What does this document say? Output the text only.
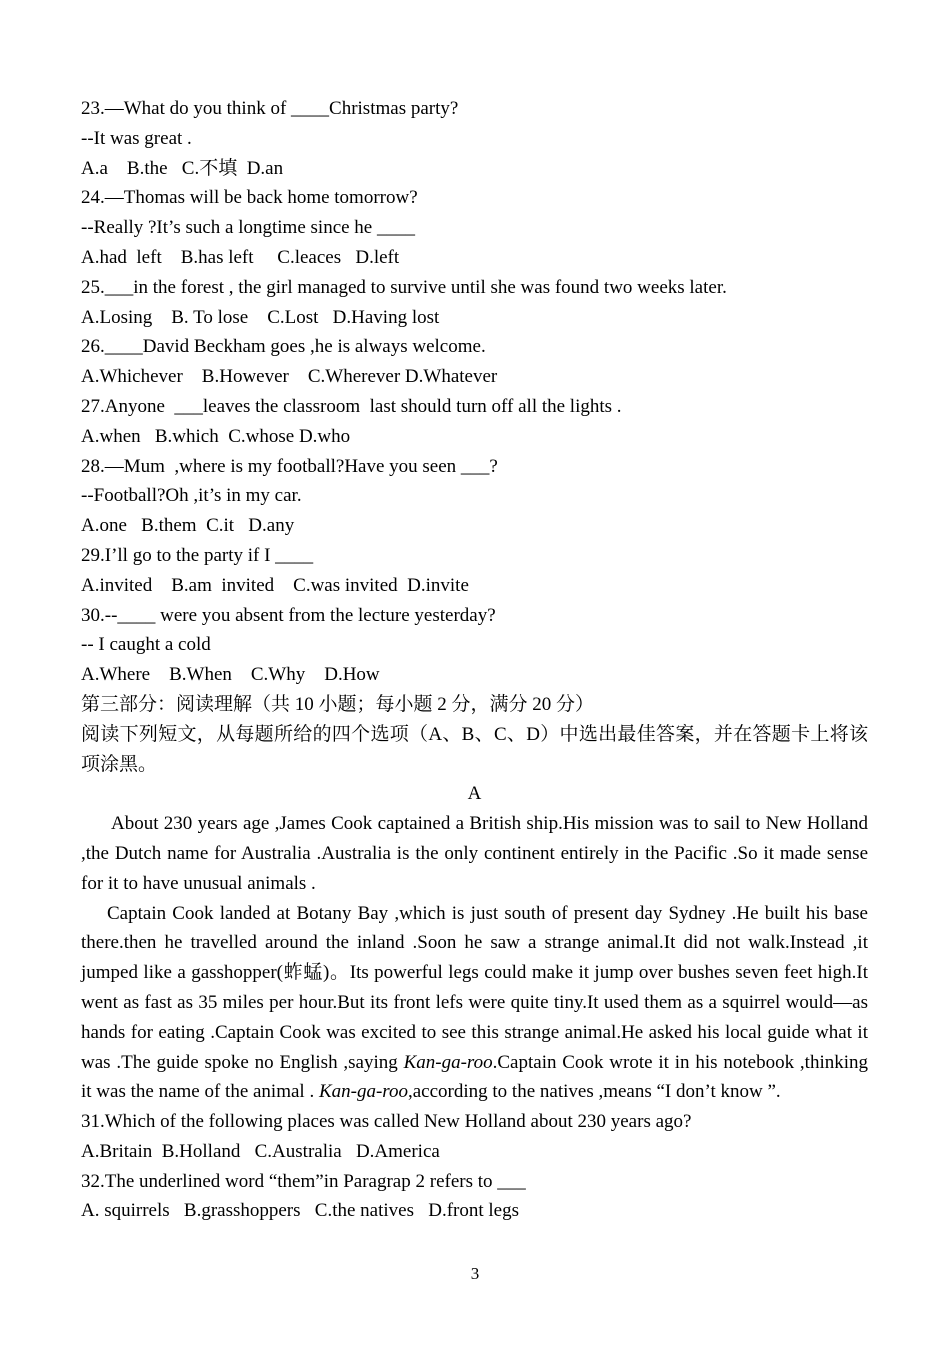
23.—What do you think of ____Christmas party?
--It was great .
A.a    B.the   C.不填  D.an
24.—Thomas will be back home tomorrow?
--Really ?It’s such a longtime since he ____
A.had  left    B.has left     C.leaces   D.left
25.___in the forest , the girl managed to survive until she was found two weeks later.
A.Losing    B. To lose    C.Lost   D.Having lost
26.____David Beckham goes ,he is always welcome.
A.Whichever    B.However    C.Wherever D.Whatever
27.Anyone  ___leaves the classroom  last should turn off all the lights .
A.when   B.which  C.whose D.who
28.—Mum  ,where is my football?Have you seen ___?
--Football?Oh ,it’s in my car.
A.one   B.them  C.it   D.any
29.I’ll go to the party if I ____
A.invited    B.am  invited    C.was invited  D.invite
30.--____ were you absent from the lecture yesterday?
-- I caught a cold
A.Where    B.When    C.Why    D.How
第三部分：阅读理解（共 10 小题；每小题 2 分，满分 20 分）
阅读下列短文，从每题所给的四个选项（A、B、C、D）中选出最佳答案，并在答题卡上将该项涂黑。
A
About 230 years age ,James Cook captained a British ship.His mission was to sail to New Holland ,the Dutch name for Australia .Australia is the only continent entirely in the Pacific .So it made sense for it to have unusual animals .
Captain Cook landed at Botany Bay ,which is just south of present day Sydney .He built his base there.then he travelled around the inland .Soon he saw a strange animal.It did not walk.Instead ,it jumped like a gasshopper(蚱蜢)。Its powerful legs could make it jump over bushes seven feet high.It went as fast as 35 miles per hour.But its front lefs were quite tiny.It used them as a squirrel would—as hands for eating .Captain Cook was excited to see this strange animal.He asked his local guide what it was .The guide spoke no English ,saying Kan-ga-roo.Captain Cook wrote it in his notebook ,thinking it was the name of the animal . Kan-ga-roo,according to the natives ,means “I don’t know ”.
31.Which of the following places was called New Holland about 230 years ago?
A.Britain  B.Holland   C.Australia   D.America
32.The underlined word “them”in Paragrap 2 refers to ___
A. squirrels   B.grasshoppers   C.the natives   D.front legs
3
